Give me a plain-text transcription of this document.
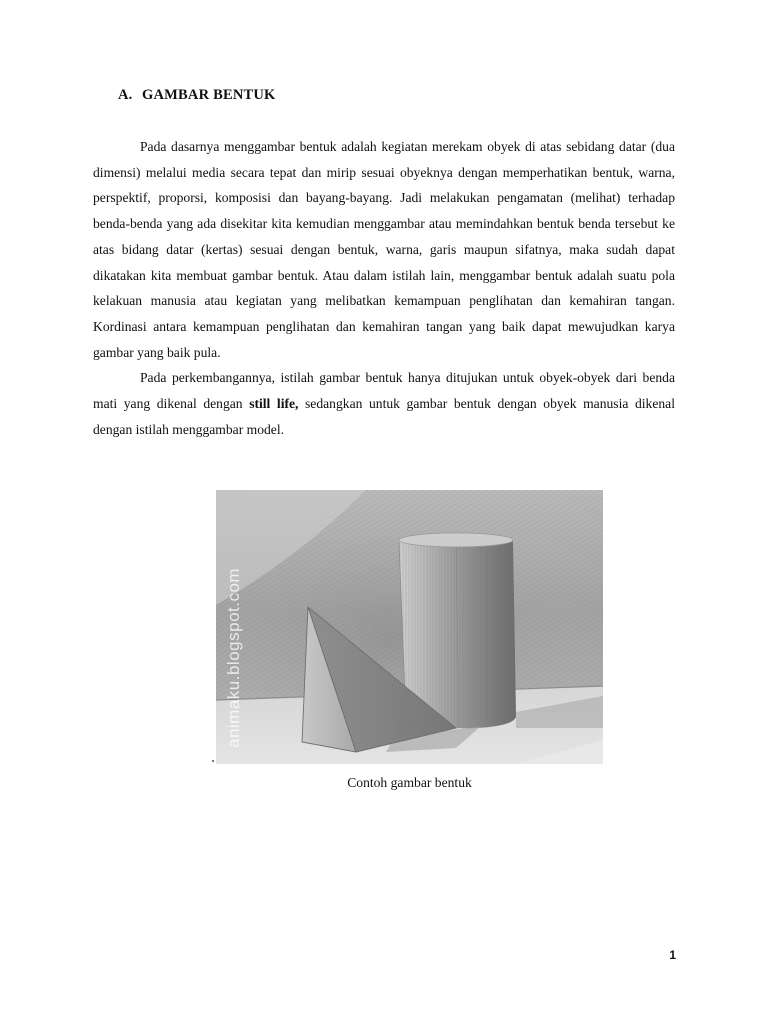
A. GAMBAR BENTUK

Pada dasarnya menggambar bentuk adalah kegiatan merekam obyek di atas sebidang datar (dua dimensi) melalui media secara tepat dan mirip sesuai obyeknya dengan memperhatikan bentuk, warna, perspektif, proporsi, komposisi dan bayang-bayang. Jadi melakukan pengamatan (melihat) terhadap benda-benda yang ada disekitar kita kemudian menggambar atau memindahkan bentuk benda tersebut ke atas bidang datar (kertas) sesuai dengan bentuk, warna, garis maupun sifatnya, maka sudah dapat dikatakan kita membuat gambar bentuk. Atau dalam istilah lain, menggambar bentuk adalah suatu pola kelakuan manusia atau kegiatan yang melibatkan kemampuan penglihatan dan kemahiran tangan. Kordinasi antara kemampuan penglihatan dan kemahiran tangan yang baik dapat mewujudkan karya gambar yang baik pula.

Pada perkembangannya, istilah gambar bentuk hanya ditujukan untuk obyek-obyek dari benda mati yang dikenal dengan still life, sedangkan untuk gambar bentuk dengan obyek manusia dikenal dengan istilah menggambar model.

animaku.blogspot.com
Contoh gambar bentuk
1
